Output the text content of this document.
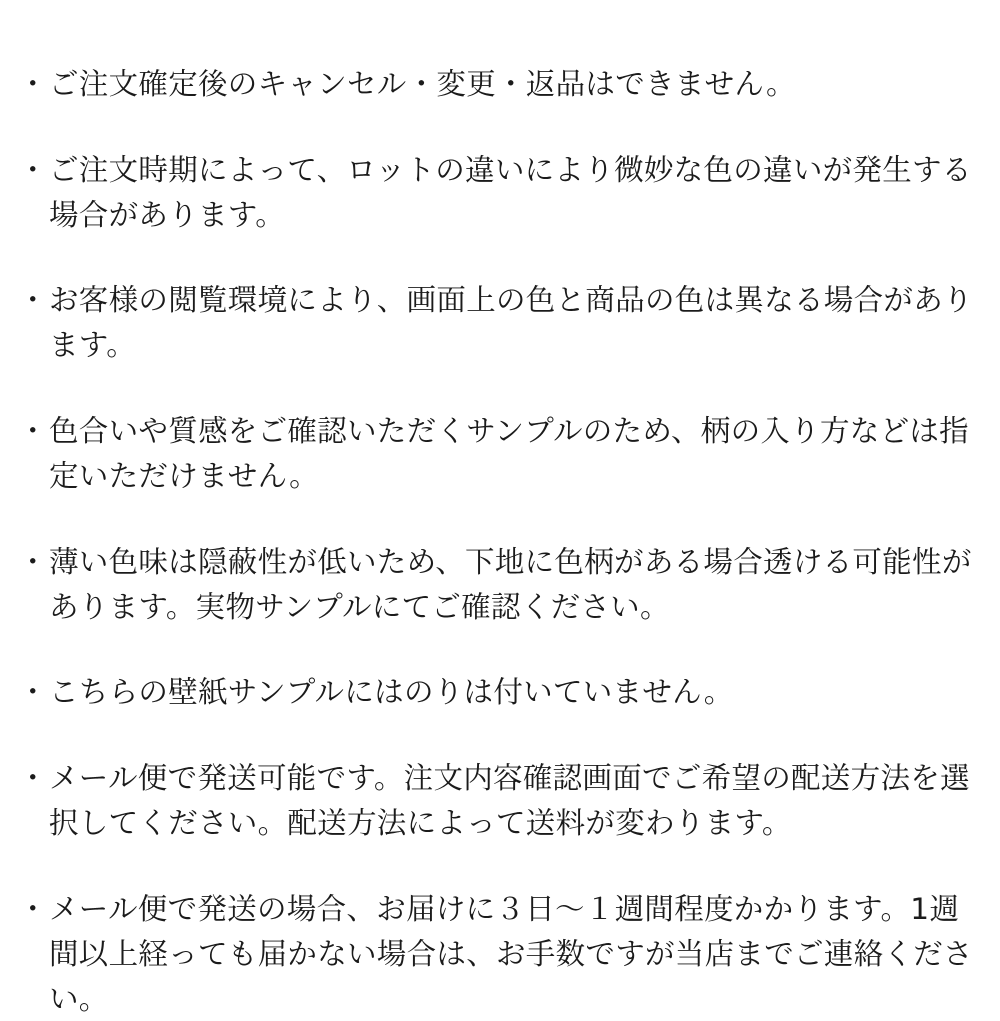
・ ご注文確定後のキャンセル・変更・返品はできません。
・ ご注文時期によって、ロットの違いにより微妙な色の違いが発生する場合があります。
・ お客様の閲覧環境により、画面上の色と商品の色は異なる場合があります。
・ 色合いや質感をご確認いただくサンプルのため、柄の入り方などは指定いただけません。
・ 薄い色味は隠蔽性が低いため、下地に色柄がある場合透ける可能性があります。実物サンプルにてご確認ください。
・ こちらの壁紙サンプルにはのりは付いていません。
・ メール便で発送可能です。注文内容確認画面でご希望の配送方法を選択してください。配送方法によって送料が変わります。
・ メール便で発送の場合、お届けに３日〜１週間程度かかります。1週間以上経っても届かない場合は、お手数ですが当店までご連絡ください。
